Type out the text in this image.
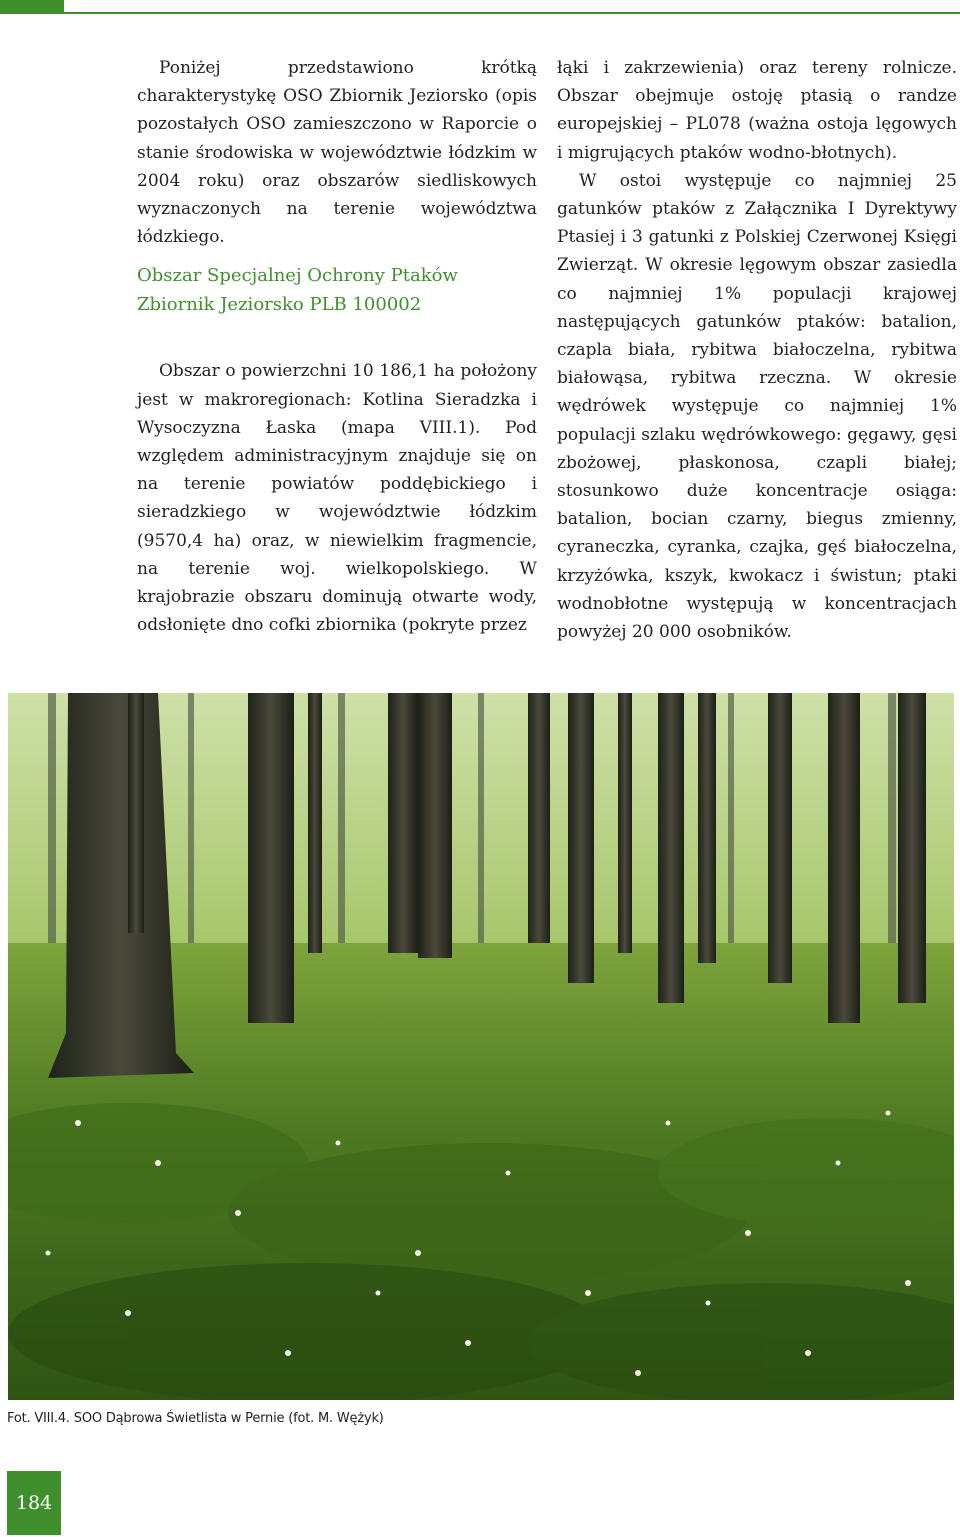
Poniżej przedstawiono krótką charakterystykę OSO Zbiornik Jeziorsko (opis pozostałych OSO zamieszczono w Raporcie o stanie środowiska w województwie łódzkim w 2004 roku) oraz obszarów siedliskowych wyznaczonych na terenie województwa łódzkiego.

Obszar Specjalnej Ochrony Ptaków
Zbiornik Jeziorsko PLB 100002

Obszar o powierzchni 10 186,1 ha położony jest w makroregionach: Kotlina Sieradzka i Wysoczyzna Łaska (mapa VIII.1). Pod względem administracyjnym znajduje się on na terenie powiatów poddębickiego i sieradzkiego w województwie łódzkim (9570,4 ha) oraz, w niewielkim fragmencie, na terenie woj. wielkopolskiego. W krajobrazie obszaru dominują otwarte wody, odsłonięte dno cofki zbiornika (pokryte przez

łąki i zakrzewienia) oraz tereny rolnicze. Obszar obejmuje ostoję ptasią o randze europejskiej – PL078 (ważna ostoja lęgowych i migrujących ptaków wodno-błotnych).

W ostoi występuje co najmniej 25 gatunków ptaków z Załącznika I Dyrektywy Ptasiej i 3 gatunki z Polskiej Czerwonej Księgi Zwierząt. W okresie lęgowym obszar zasiedla co najmniej 1% populacji krajowej następujących gatunków ptaków: batalion, czapla biała, rybitwa białoczelna, rybitwa białowąsa, rybitwa rzeczna. W okresie wędrówek występuje co najmniej 1% populacji szlaku wędrówkowego: gęgawy, gęsi zbożowej, płaskonosa, czapli białej; stosunkowo duże koncentracje osiąga: batalion, bocian czarny, biegus zmienny, cyraneczka, cyranka, czajka, gęś białoczelna, krzyżówka, kszyk, kwokacz i świstun; ptaki wodnobłotne występują w koncentracjach powyżej 20 000 osobników.

Fot. VIII.4. SOO Dąbrowa Świetlista w Pernie (fot. M. Wężyk)
184
